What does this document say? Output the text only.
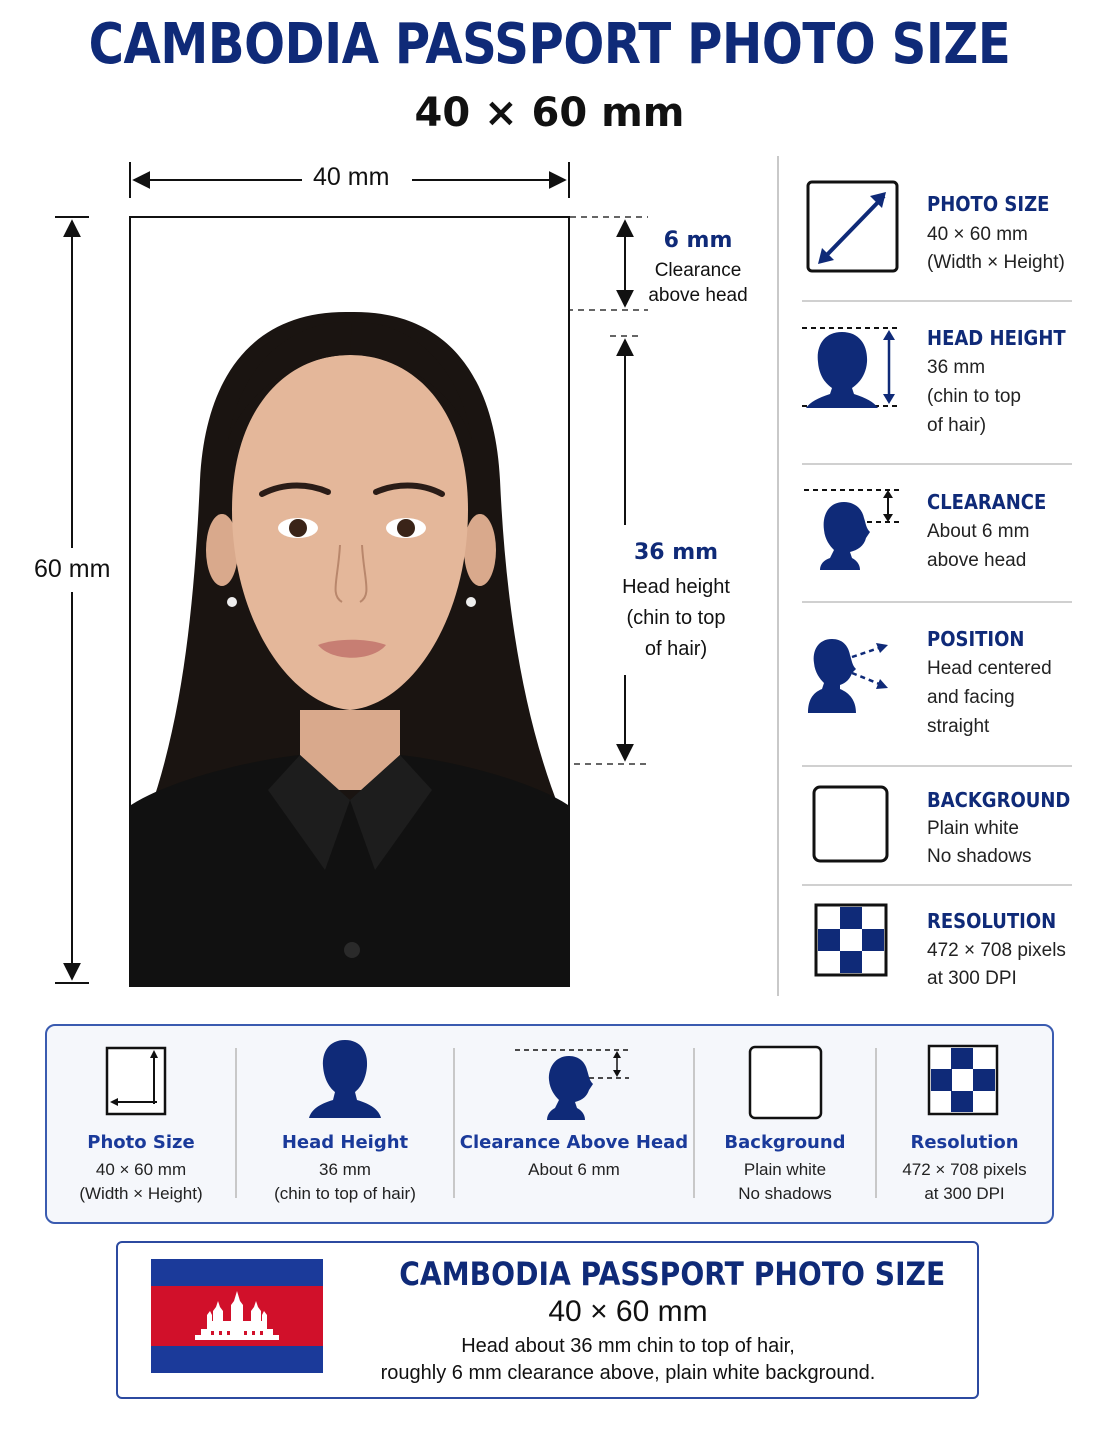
CAMBODIA PASSPORT PHOTO SIZE
40 × 60 mm
40 mm
60 mm
6 mm
Clearance
above head
36 mm
Head height
(chin to top
of hair)
PHOTO SIZE
40 × 60 mm
(Width × Height)
HEAD HEIGHT
36 mm
(chin to top
of hair)
CLEARANCE
About 6 mm
above head
POSITION
Head centered
and facing
straight
BACKGROUND
Plain white
No shadows
RESOLUTION
472 × 708 pixels
at 300 DPI
Photo Size
40 × 60 mm
(Width × Height)
Head Height
36 mm
(chin to top of hair)
Clearance Above Head
About 6 mm
Background
Plain white
No shadows
Resolution
472 × 708 pixels
at 300 DPI
CAMBODIA PASSPORT PHOTO SIZE
40 × 60 mm
Head about 36 mm chin to top of hair,
roughly 6 mm clearance above, plain white background.
